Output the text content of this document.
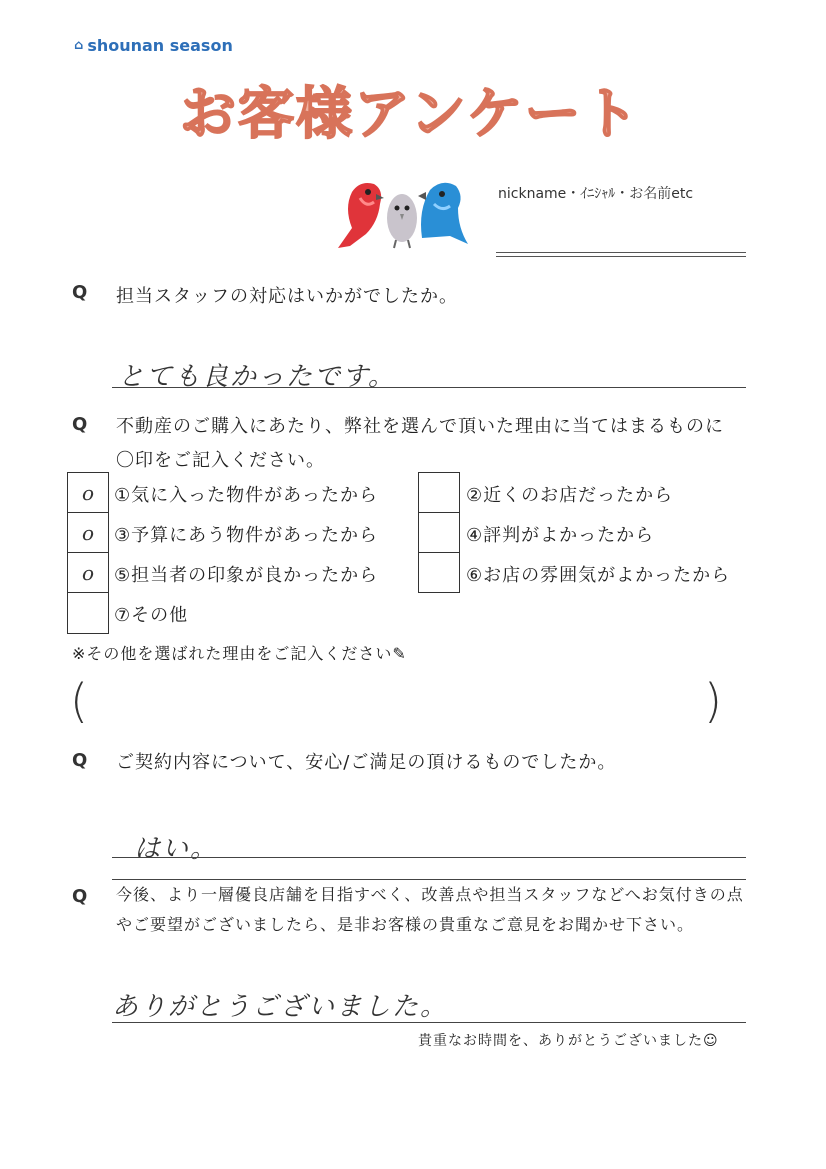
⌂ shounan season
お客様アンケート
nickname・ｲﾆｼｬﾙ・お名前etc
Q 担当スタッフの対応はいかがでしたか。
とても良かったです。
Q 不動産のご購入にあたり、弊社を選んで頂いた理由に当てはまるものに
〇印をご記入ください。
o ①気に入った物件があったから	②近くのお店だったから
o ③予算にあう物件があったから	④評判がよかったから
o ⑤担当者の印象が良かったから	⑥お店の雰囲気がよかったから
⑦その他
※その他を選ばれた理由をご記入ください✎
(	)
Q ご契約内容について、安心/ご満足の頂けるものでしたか。
はい。
Q 今後、より一層優良店舗を目指すべく、改善点や担当スタッフなどへお気付きの点
やご要望がございましたら、是非お客様の貴重なご意見をお聞かせ下さい。
ありがとうございました。
貴重なお時間を、ありがとうございました☺
